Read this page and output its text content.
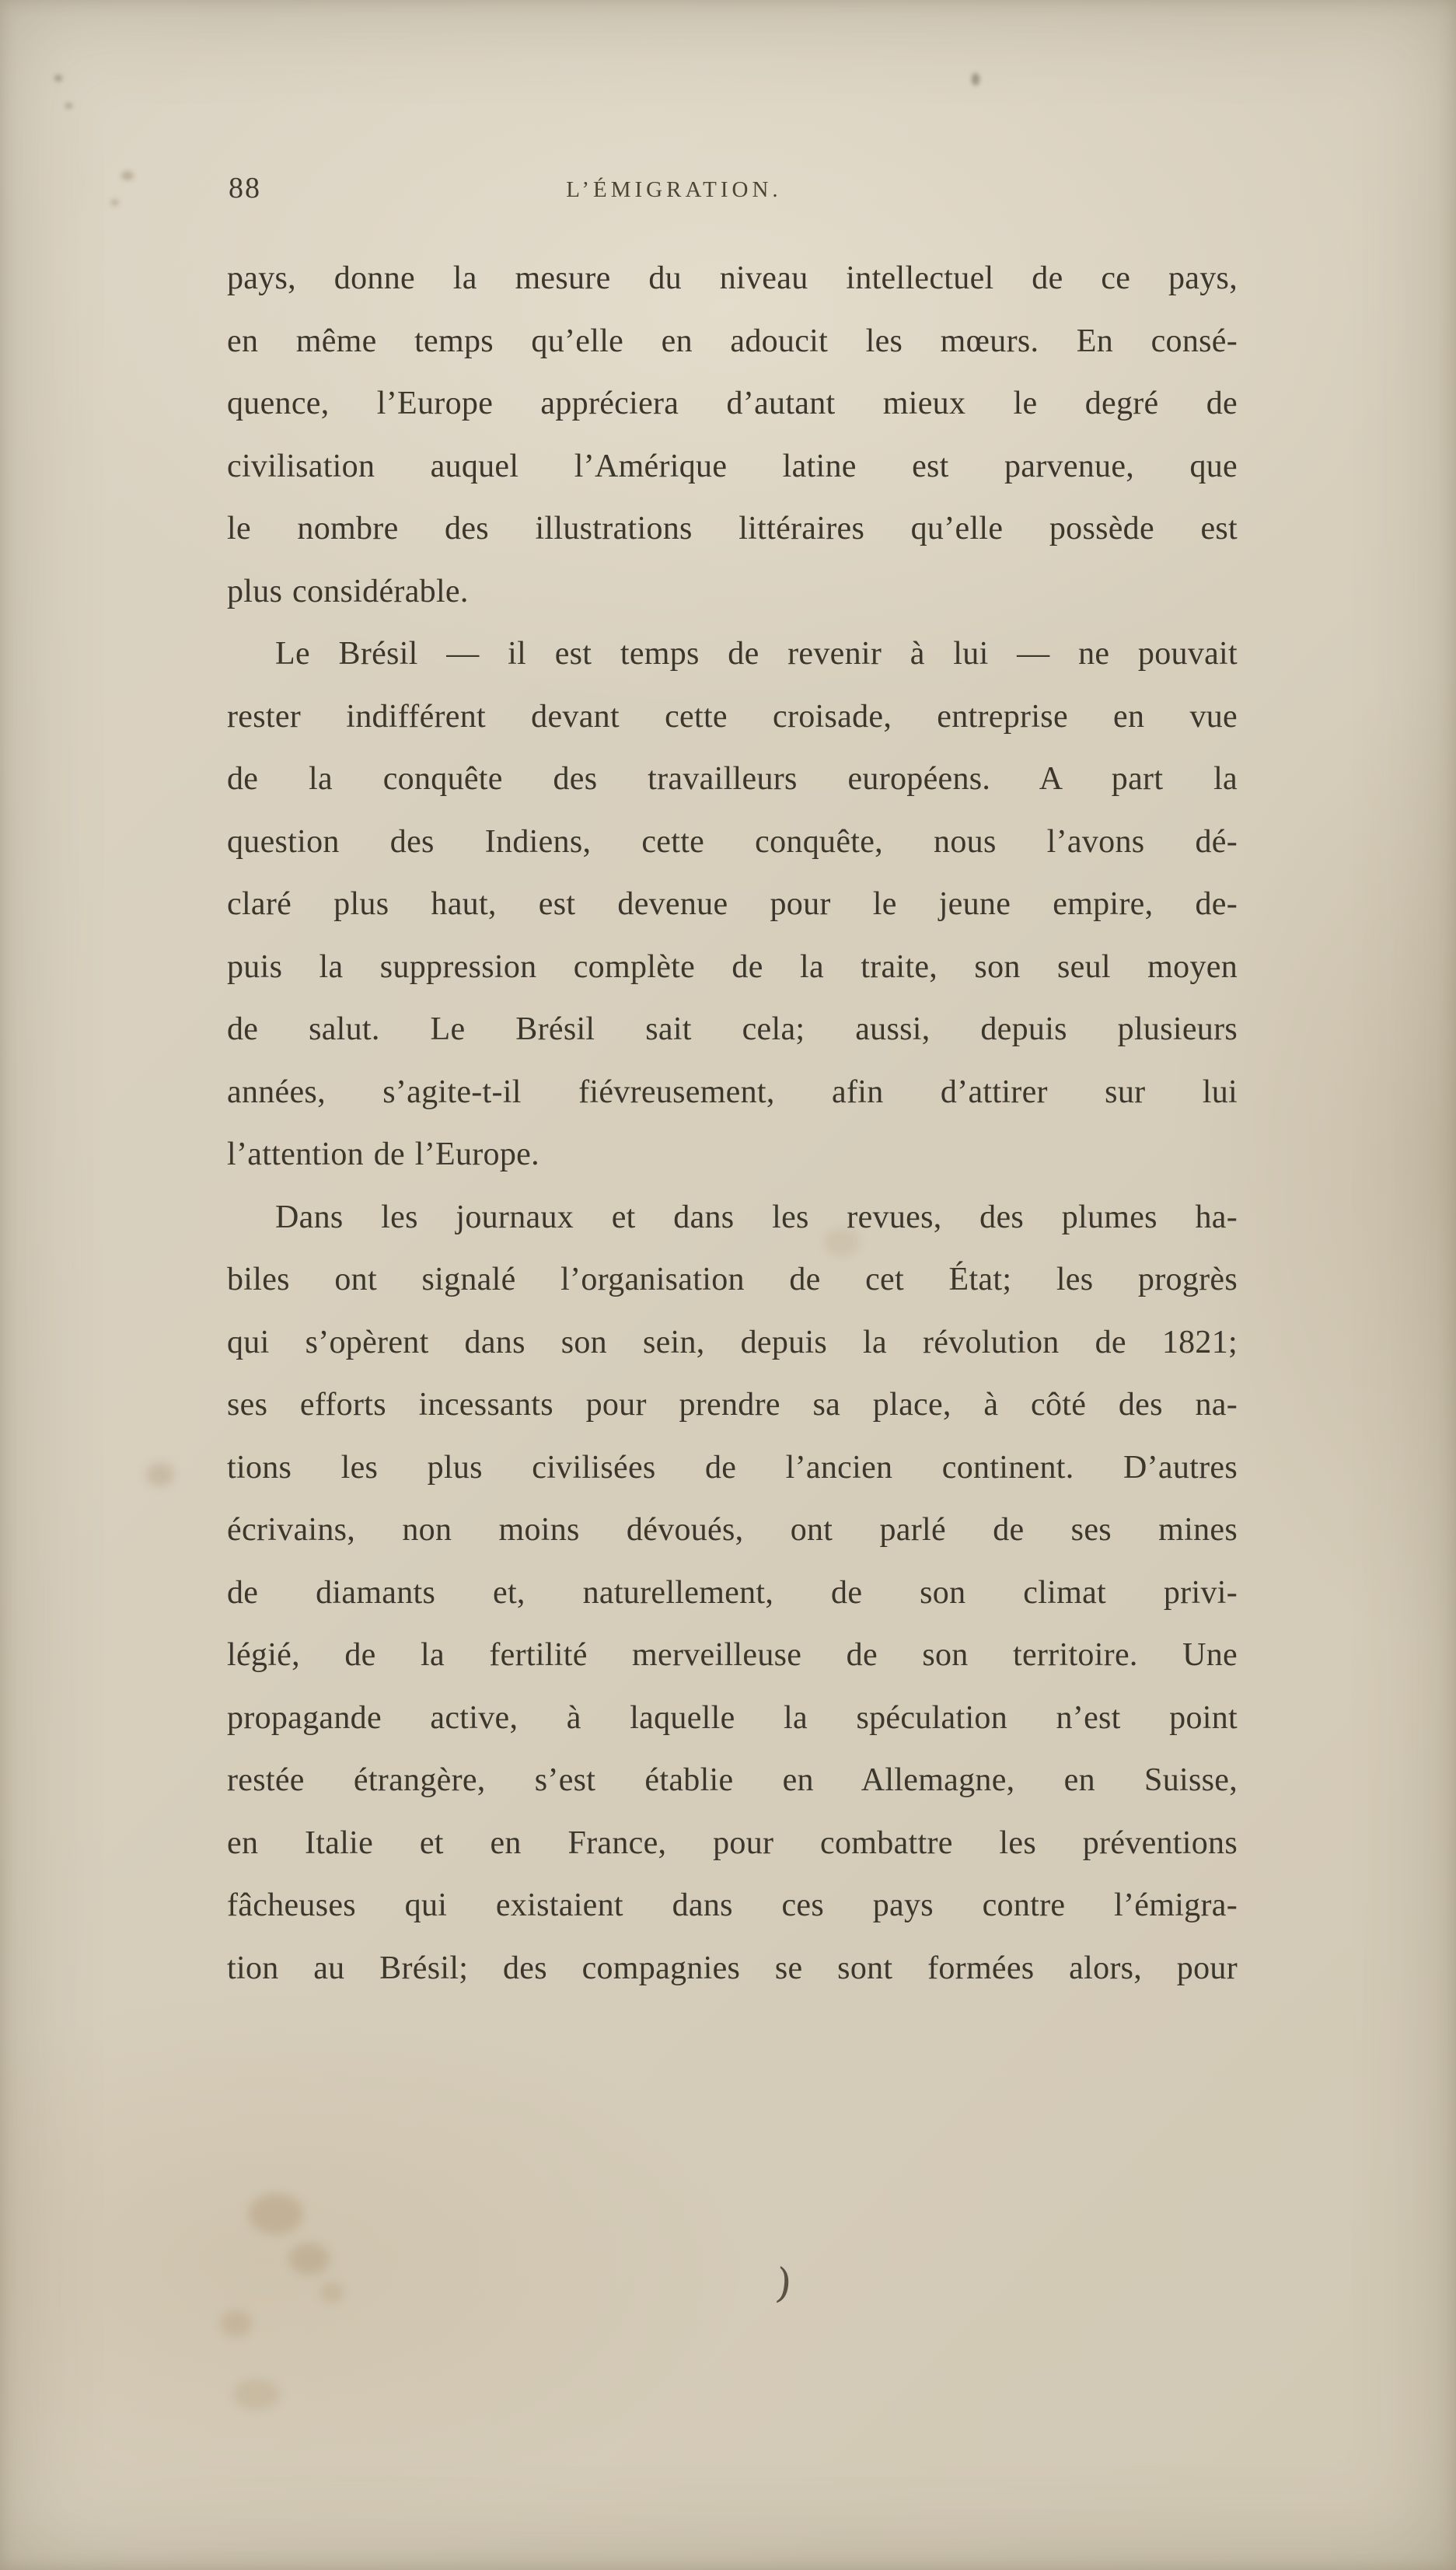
88	L’ÉMIGRATION.
pays, donne la mesure du niveau intellectuel de ce pays,
en même temps qu’elle en adoucit les mœurs. En consé-
quence, l’Europe appréciera d’autant mieux le degré de
civilisation auquel l’Amérique latine est parvenue, que
le nombre des illustrations littéraires qu’elle possède est
plus considérable.
Le Brésil — il est temps de revenir à lui — ne pouvait
rester indifférent devant cette croisade, entreprise en vue
de la conquête des travailleurs européens. A part la
question des Indiens, cette conquête, nous l’avons dé-
claré plus haut, est devenue pour le jeune empire, de-
puis la suppression complète de la traite, son seul moyen
de salut. Le Brésil sait cela; aussi, depuis plusieurs
années, s’agite-t-il fiévreusement, afin d’attirer sur lui
l’attention de l’Europe.
Dans les journaux et dans les revues, des plumes ha-
biles ont signalé l’organisation de cet État; les progrès
qui s’opèrent dans son sein, depuis la révolution de 1821;
ses efforts incessants pour prendre sa place, à côté des na-
tions les plus civilisées de l’ancien continent. D’autres
écrivains, non moins dévoués, ont parlé de ses mines
de diamants et, naturellement, de son climat privi-
légié, de la fertilité merveilleuse de son territoire. Une
propagande active, à laquelle la spéculation n’est point
restée étrangère, s’est établie en Allemagne, en Suisse,
en Italie et en France, pour combattre les préventions
fâcheuses qui existaient dans ces pays contre l’émigra-
tion au Brésil; des compagnies se sont formées alors, pour
)
